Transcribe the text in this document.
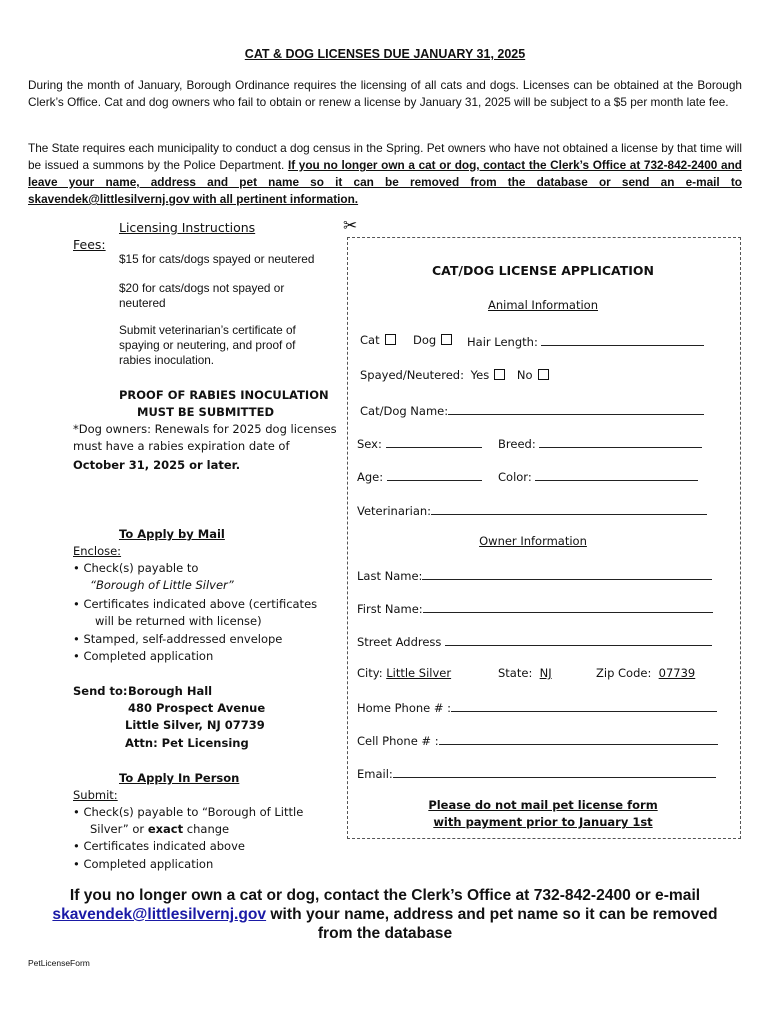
CAT & DOG LICENSES DUE JANUARY 31, 2025
During the month of January, Borough Ordinance requires the licensing of all cats and dogs. Licenses can be obtained at the Borough Clerk’s Office. Cat and dog owners who fail to obtain or renew a license by January 31, 2025 will be subject to a $5 per month late fee.
The State requires each municipality to conduct a dog census in the Spring. Pet owners who have not obtained a license by that time will be issued a summons by the Police Department. If you no longer own a cat or dog, contact the Clerk’s Office at 732-842-2400 and leave your name, address and pet name so it can be removed from the database or send an e-mail to skavendek@littlesilvernj.gov with all pertinent information.
Licensing Instructions
Fees:
$15 for cats/dogs spayed or neutered
$20 for cats/dogs not spayed or neutered
Submit veterinarian’s certificate of spaying or neutering, and proof of rabies inoculation.
PROOF OF RABIES INOCULATION
MUST BE SUBMITTED
*Dog owners: Renewals for 2025 dog licenses must have a rabies expiration date of
October 31, 2025 or later.
To Apply by Mail
Enclose:
• Check(s) payable to
“Borough of Little Silver”
• Certificates indicated above (certificates
will be returned with license)
• Stamped, self-addressed envelope
• Completed application
Send to: Borough Hall
480 Prospect Avenue
Little Silver, NJ 07739
Attn: Pet Licensing
To Apply In Person
Submit:
• Check(s) payable to “Borough of Little
Silver” or exact change
• Certificates indicated above
• Completed application
✂
CAT/DOG LICENSE APPLICATION
Animal Information
Cat	Dog	Hair Length:
Spayed/Neutered: Yes No
Cat/Dog Name:
Sex:	Breed:
Age:	Color:
Veterinarian:
Owner Information
Last Name:
First Name:
Street Address
City: Little Silver	State: NJ	Zip Code: 07739
Home Phone # :
Cell Phone # :
Email:
Please do not mail pet license form
with payment prior to January 1st
If you no longer own a cat or dog, contact the Clerk’s Office at 732-842-2400 or e-mail
skavendek@littlesilvernj.gov with your name, address and pet name so it can be removed
from the database
PetLicenseForm
